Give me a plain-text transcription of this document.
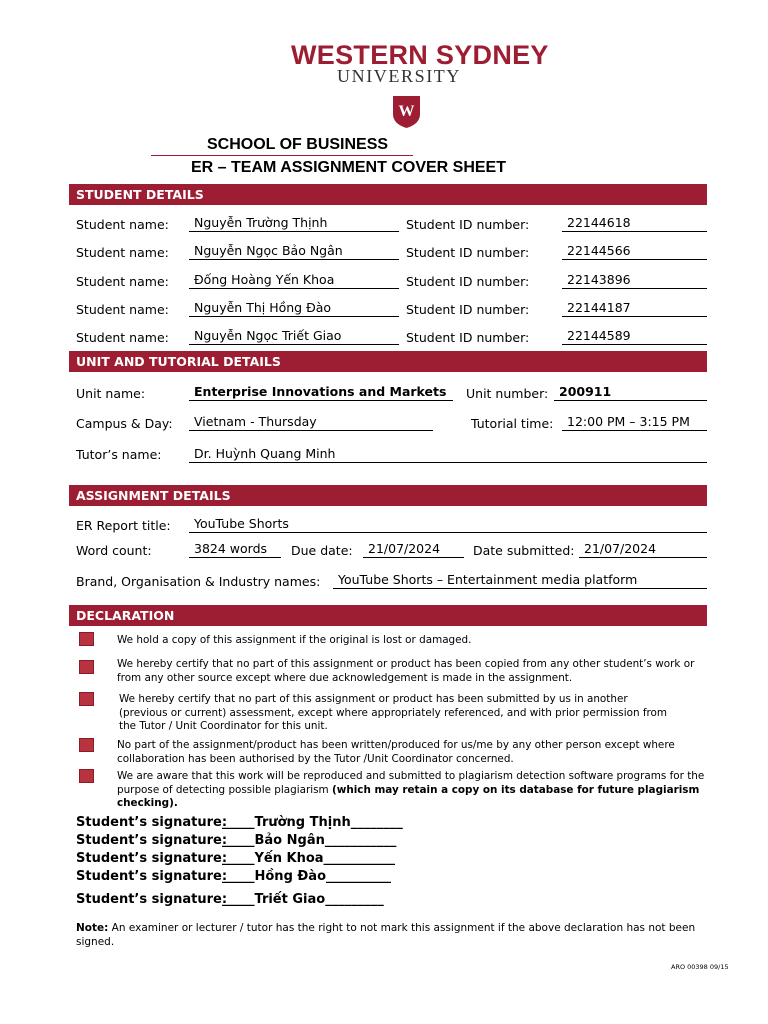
WESTERN SYDNEY
UNIVERSITY
W
SCHOOL OF BUSINESS
ER – TEAM ASSIGNMENT COVER SHEET
STUDENT DETAILS
Student name:	Nguyễn Trường Thịnh	Student ID number:	22144618
Student name:	Nguyễn Ngọc Bảo Ngân	Student ID number:	22144566
Student name:	Đống Hoàng Yến Khoa	Student ID number:	22143896
Student name:	Nguyễn Thị Hồng Đào	Student ID number:	22144187
Student name:	Nguyễn Ngọc Triết Giao	Student ID number:	22144589
UNIT AND TUTORIAL DETAILS
Unit name:	Enterprise Innovations and Markets	Unit number: 200911
Campus & Day:	Vietnam - Thursday	Tutorial time:	12:00 PM – 3:15 PM
Tutor’s name:	Dr. Huỳnh Quang Minh
ASSIGNMENT DETAILS
ER Report title:	YouTube Shorts
Word count:	3824 words	Due date:	21/07/2024	Date submitted: 21/07/2024
Brand, Organisation & Industry names:	YouTube Shorts – Entertainment media platform
DECLARATION
We hold a copy of this assignment if the original is lost or damaged.
We hereby certify that no part of this assignment or product has been copied from any other student’s work or
from any other source except where due acknowledgement is made in the assignment.
We hereby certify that no part of this assignment or product has been submitted by us in another
(previous or current) assessment, except where appropriately referenced, and with prior permission from
the Tutor / Unit Coordinator for this unit.
No part of the assignment/product has been written/produced for us/me by any other person except where
collaboration has been authorised by the Tutor /Unit Coordinator concerned.
We are aware that this work will be reproduced and submitted to plagiarism detection software programs for the
purpose of detecting possible plagiarism (which may retain a copy on its database for future plagiarism
checking).
Student’s signature:
_____Trường Thịnh________
Student’s signature:
_____Bảo Ngân___________
Student’s signature:
_____Yến Khoa___________
Student’s signature:
_____Hồng Đào__________
Student’s signature:
_____Triết Giao_________
Note: An examiner or lecturer / tutor has the right to not mark this assignment if the above declaration has not been
signed.
ARO 00398 09/15
